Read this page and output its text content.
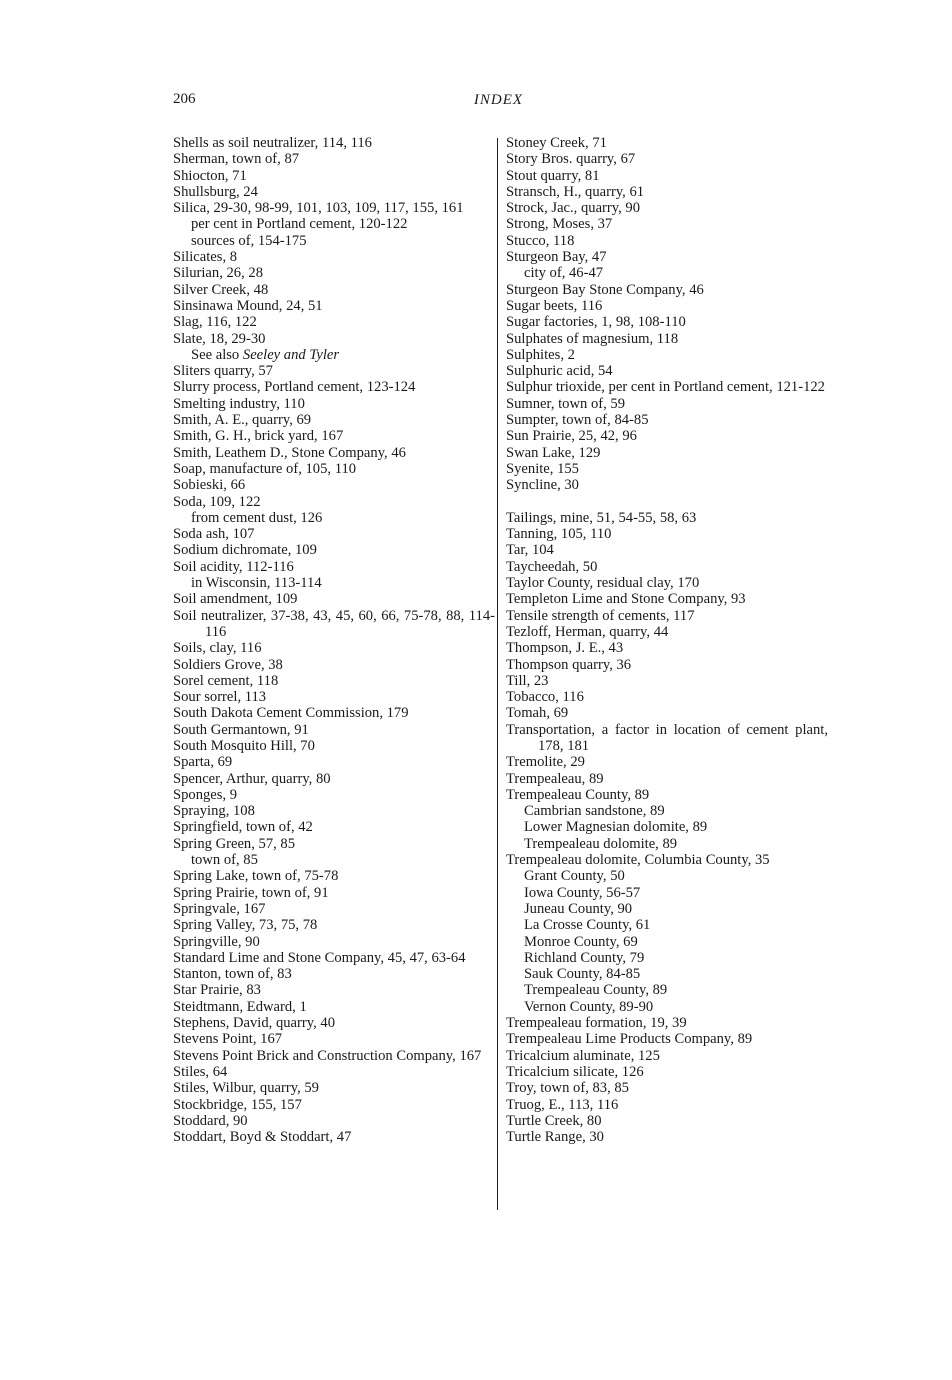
206	INDEX
Shells as soil neutralizer, 114, 116
Sherman, town of, 87
Shiocton, 71
Shullsburg, 24
Silica, 29-30, 98-99, 101, 103, 109, 117, 155, 161
per cent in Portland cement, 120-122
sources of, 154-175
Silicates, 8
Silurian, 26, 28
Silver Creek, 48
Sinsinawa Mound, 24, 51
Slag, 116, 122
Slate, 18, 29-30
See also Seeley and Tyler
Sliters quarry, 57
Slurry process, Portland cement, 123-124
Smelting industry, 110
Smith, A. E., quarry, 69
Smith, G. H., brick yard, 167
Smith, Leathem D., Stone Company, 46
Soap, manufacture of, 105, 110
Sobieski, 66
Soda, 109, 122
from cement dust, 126
Soda ash, 107
Sodium dichromate, 109
Soil acidity, 112-116
in Wisconsin, 113-114
Soil amendment, 109
Soil neutralizer, 37-38, 43, 45, 60, 66, 75-78, 88, 114-116
Soils, clay, 116
Soldiers Grove, 38
Sorel cement, 118
Sour sorrel, 113
South Dakota Cement Commission, 179
South Germantown, 91
South Mosquito Hill, 70
Sparta, 69
Spencer, Arthur, quarry, 80
Sponges, 9
Spraying, 108
Springfield, town of, 42
Spring Green, 57, 85
town of, 85
Spring Lake, town of, 75-78
Spring Prairie, town of, 91
Springvale, 167
Spring Valley, 73, 75, 78
Springville, 90
Standard Lime and Stone Company, 45, 47, 63-64
Stanton, town of, 83
Star Prairie, 83
Steidtmann, Edward, 1
Stephens, David, quarry, 40
Stevens Point, 167
Stevens Point Brick and Construction Company, 167
Stiles, 64
Stiles, Wilbur, quarry, 59
Stockbridge, 155, 157
Stoddard, 90
Stoddart, Boyd & Stoddart, 47
Stoney Creek, 71
Story Bros. quarry, 67
Stout quarry, 81
Stransch, H., quarry, 61
Strock, Jac., quarry, 90
Strong, Moses, 37
Stucco, 118
Sturgeon Bay, 47
city of, 46-47
Sturgeon Bay Stone Company, 46
Sugar beets, 116
Sugar factories, 1, 98, 108-110
Sulphates of magnesium, 118
Sulphites, 2
Sulphuric acid, 54
Sulphur trioxide, per cent in Portland cement, 121-122
Sumner, town of, 59
Sumpter, town of, 84-85
Sun Prairie, 25, 42, 96
Swan Lake, 129
Syenite, 155
Syncline, 30
Tailings, mine, 51, 54-55, 58, 63
Tanning, 105, 110
Tar, 104
Taycheedah, 50
Taylor County, residual clay, 170
Templeton Lime and Stone Company, 93
Tensile strength of cements, 117
Tezloff, Herman, quarry, 44
Thompson, J. E., 43
Thompson quarry, 36
Till, 23
Tobacco, 116
Tomah, 69
Transportation, a factor in location of cement plant, 178, 181
Tremolite, 29
Trempealeau, 89
Trempealeau County, 89
Cambrian sandstone, 89
Lower Magnesian dolomite, 89
Trempealeau dolomite, 89
Trempealeau dolomite, Columbia County, 35
Grant County, 50
Iowa County, 56-57
Juneau County, 90
La Crosse County, 61
Monroe County, 69
Richland County, 79
Sauk County, 84-85
Trempealeau County, 89
Vernon County, 89-90
Trempealeau formation, 19, 39
Trempealeau Lime Products Company, 89
Tricalcium aluminate, 125
Tricalcium silicate, 126
Troy, town of, 83, 85
Truog, E., 113, 116
Turtle Creek, 80
Turtle Range, 30
